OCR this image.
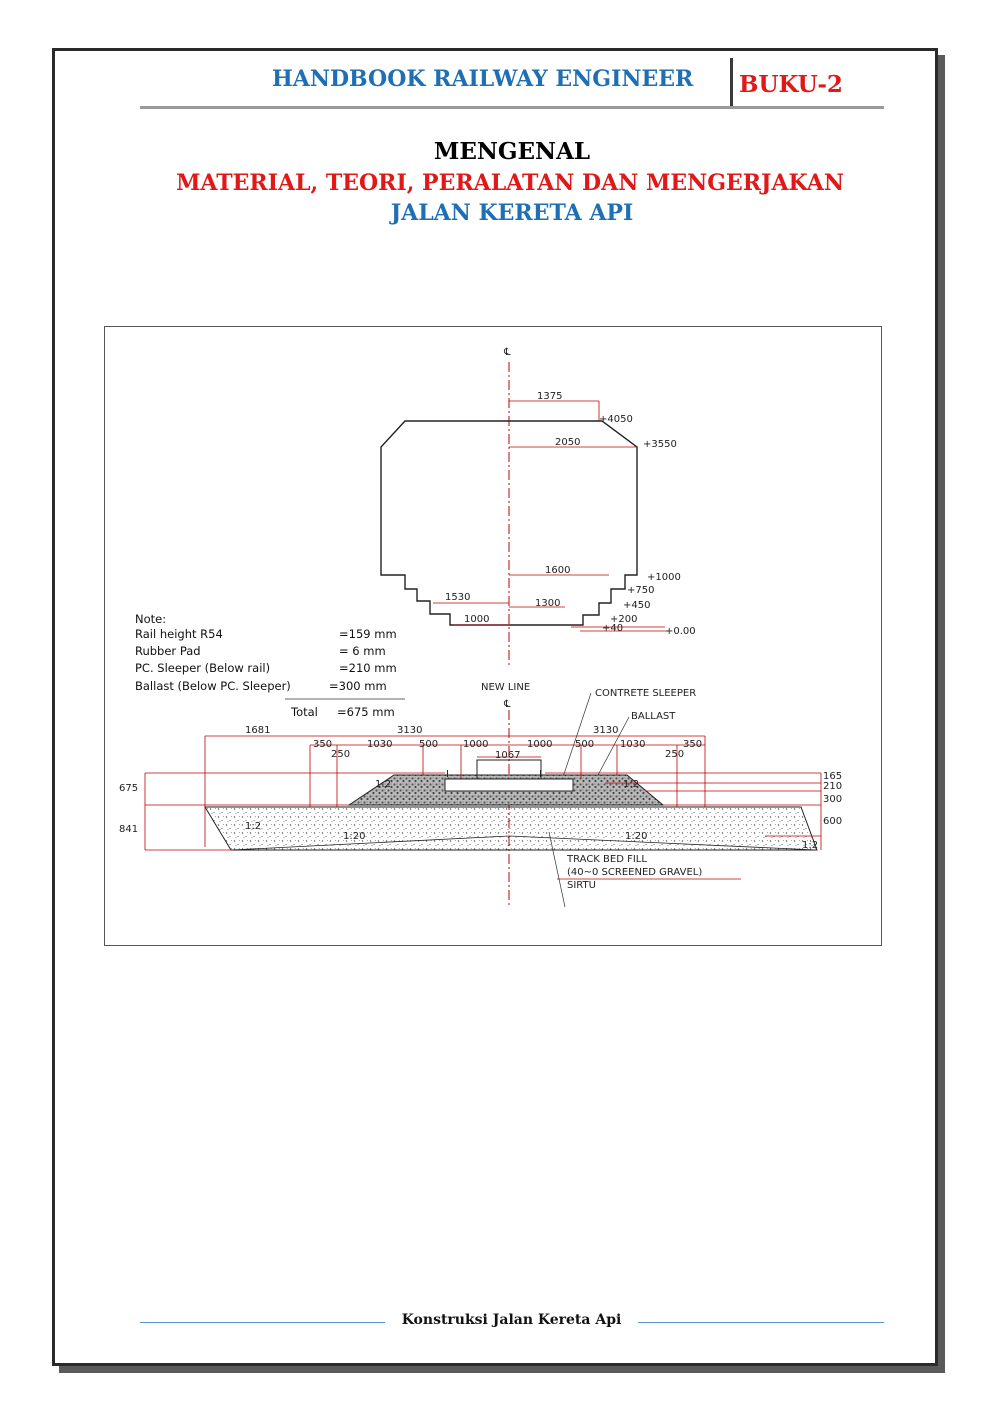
HANDBOOK RAILWAY ENGINEER BUKU-2
MENGENAL
MATERIAL, TEORI, PERALATAN DAN MENGERJAKAN
JALAN KERETA API
℄
1375
2050
1600
1530
1300
1000
+4050
+3550
+1000
+750
+450
+200
+40	+0.00
Note:
Rail height R54	=159 mm
Rubber Pad	= 6 mm
PC. Sleeper (Below rail)	=210 mm
Ballast (Below PC. Sleeper)	=300 mm
Total =675 mm
NEW LINE
℄
CONTRETE SLEEPER
BALLAST
I	I
1681	3130	3130
350
250
1030	500 1000
1067
1000 500	1030
250
350
675
841
165
210
300
600
1:2	1:2
1:2
1:2
1:20	1:20
TRACK BED FILL
(40~0 SCREENED GRAVEL)
SIRTU
Konstruksi Jalan Kereta Api
